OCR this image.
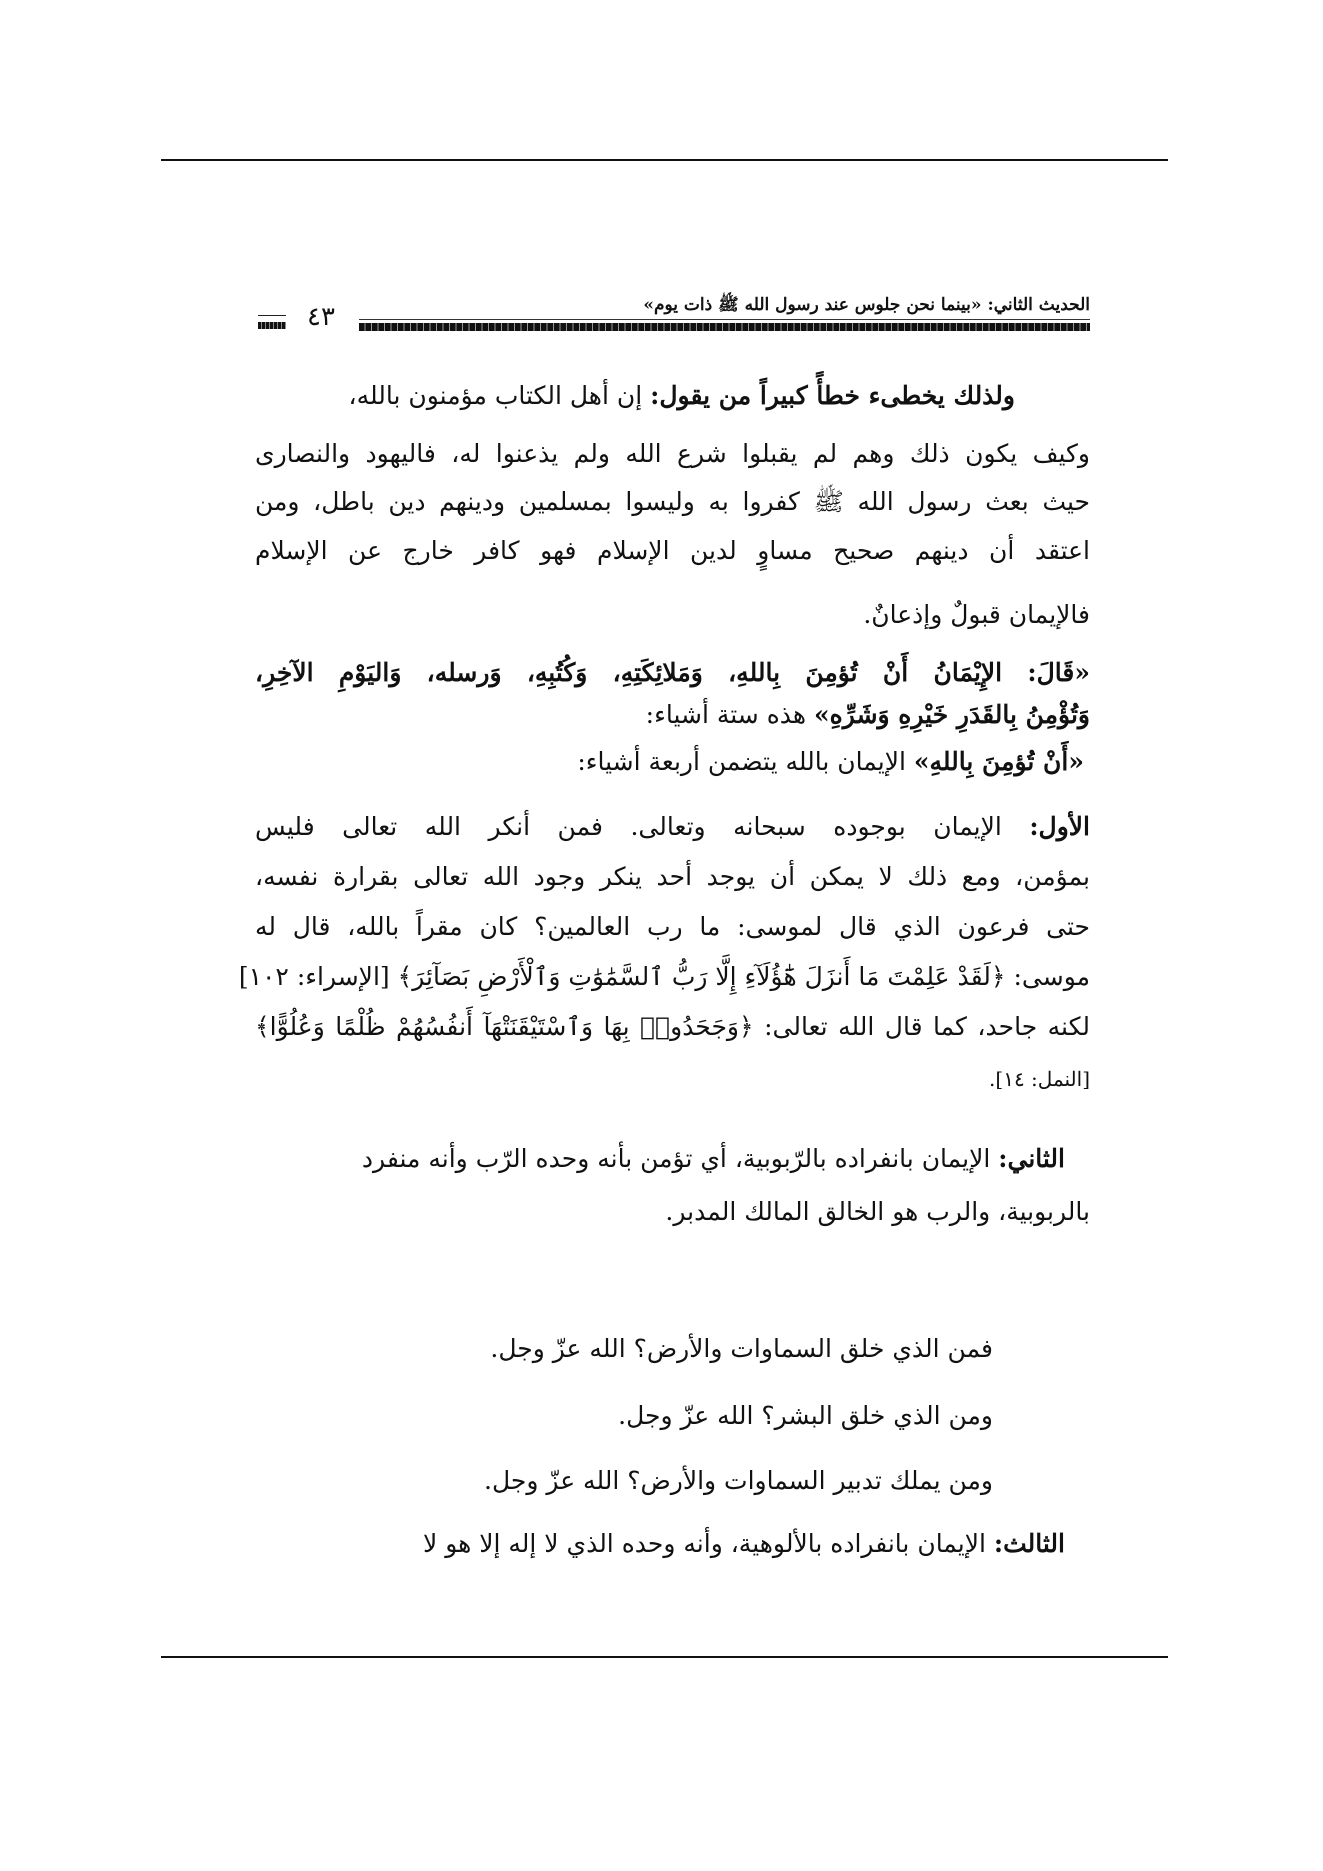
٤٣	الحديث الثاني: «بينما نحن جلوس عند رسول الله ﷺ ذات يوم»
ولذلك يخطىء خطأً كبيراً من يقول: إن أهل الكتاب مؤمنون بالله،
وكيف يكون ذلك وهم لم يقبلوا شرع الله ولم يذعنوا له، فاليهود والنصارى
حيث بعث رسول الله ﷺ كفروا به وليسوا بمسلمين ودينهم دين باطل، ومن
اعتقد أن دينهم صحيح مساوٍ لدين الإسلام فهو كافر خارج عن الإسلام
فالإيمان قبولٌ وإذعانٌ.
«قَالَ: الإِيْمَانُ أَنْ تُؤمِنَ بِاللهِ، وَمَلائِكَتِهِ، وَكُتُبِهِ، وَرسله، وَاليَوْمِ الآخِرِ،
وَتُؤْمِنُ بِالقَدَرِ خَيْرِهِ وَشَرِّهِ» هذه ستة أشياء:
«أَنْ تُؤمِنَ بِاللهِ» الإيمان بالله يتضمن أربعة أشياء:
الأول: الإيمان بوجوده سبحانه وتعالى. فمن أنكر الله تعالى فليس
بمؤمن، ومع ذلك لا يمكن أن يوجد أحد ينكر وجود الله تعالى بقرارة نفسه،
حتى فرعون الذي قال لموسى: ما رب العالمين؟ كان مقراً بالله، قال له
موسى: ﴿لَقَدْ عَلِمْتَ مَا أَنزَلَ هَٰٓؤُلَآءِ إِلَّا رَبُّ ٱلسَّمَٰوَٰتِ وَٱلْأَرْضِ بَصَآئِرَ﴾ [الإسراء: ١٠٢]
لكنه جاحد، كما قال الله تعالى: ﴿وَجَحَدُوا۟ بِهَا وَٱسْتَيْقَنَتْهَآ أَنفُسُهُمْ ظُلْمًا وَعُلُوًّا﴾
[النمل: ١٤].
الثاني: الإيمان بانفراده بالرّبوبية، أي تؤمن بأنه وحده الرّب وأنه منفرد
بالربوبية، والرب هو الخالق المالك المدبر.
فمن الذي خلق السماوات والأرض؟ الله عزّ وجل.
ومن الذي خلق البشر؟ الله عزّ وجل.
ومن يملك تدبير السماوات والأرض؟ الله عزّ وجل.
الثالث: الإيمان بانفراده بالألوهية، وأنه وحده الذي لا إله إلا هو لا
